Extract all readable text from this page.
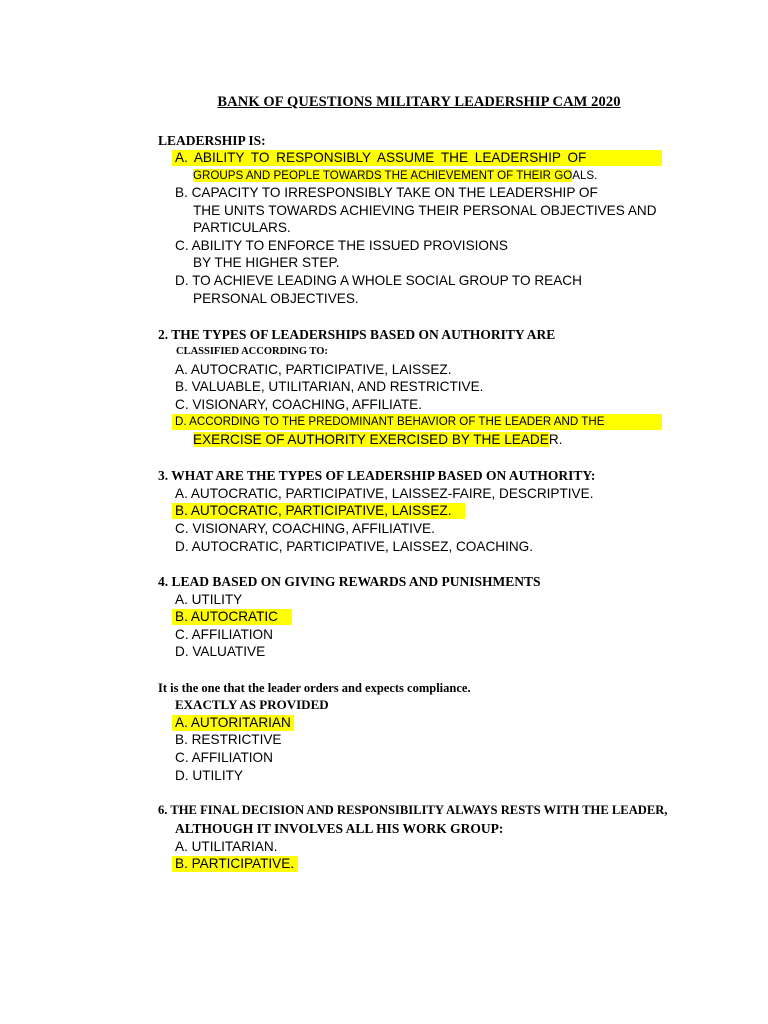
BANK OF QUESTIONS MILITARY LEADERSHIP CAM 2020
LEADERSHIP IS:
A. ABILITY TO RESPONSIBLY ASSUME THE LEADERSHIP OF
GROUPS AND PEOPLE TOWARDS THE ACHIEVEMENT OF THEIR GOALS.
B. CAPACITY TO IRRESPONSIBLY TAKE ON THE LEADERSHIP OF
THE UNITS TOWARDS ACHIEVING THEIR PERSONAL OBJECTIVES AND
PARTICULARS.
C. ABILITY TO ENFORCE THE ISSUED PROVISIONS
BY THE HIGHER STEP.
D. TO ACHIEVE LEADING A WHOLE SOCIAL GROUP TO REACH
PERSONAL OBJECTIVES.
2. THE TYPES OF LEADERSHIPS BASED ON AUTHORITY ARE
CLASSIFIED ACCORDING TO:
A. AUTOCRATIC, PARTICIPATIVE, LAISSEZ.
B. VALUABLE, UTILITARIAN, AND RESTRICTIVE.
C. VISIONARY, COACHING, AFFILIATE.
D. ACCORDING TO THE PREDOMINANT BEHAVIOR OF THE LEADER AND THE
EXERCISE OF AUTHORITY EXERCISED BY THE LEADER.
3. WHAT ARE THE TYPES OF LEADERSHIP BASED ON AUTHORITY:
A. AUTOCRATIC, PARTICIPATIVE, LAISSEZ-FAIRE, DESCRIPTIVE.
B. AUTOCRATIC, PARTICIPATIVE, LAISSEZ.
C. VISIONARY, COACHING, AFFILIATIVE.
D. AUTOCRATIC, PARTICIPATIVE, LAISSEZ, COACHING.
4. LEAD BASED ON GIVING REWARDS AND PUNISHMENTS
A. UTILITY
B. AUTOCRATIC
C. AFFILIATION
D. VALUATIVE
It is the one that the leader orders and expects compliance.
EXACTLY AS PROVIDED
A. AUTORITARIAN
B. RESTRICTIVE
C. AFFILIATION
D. UTILITY
6. THE FINAL DECISION AND RESPONSIBILITY ALWAYS RESTS WITH THE LEADER,
ALTHOUGH IT INVOLVES ALL HIS WORK GROUP:
A. UTILITARIAN.
B. PARTICIPATIVE.
